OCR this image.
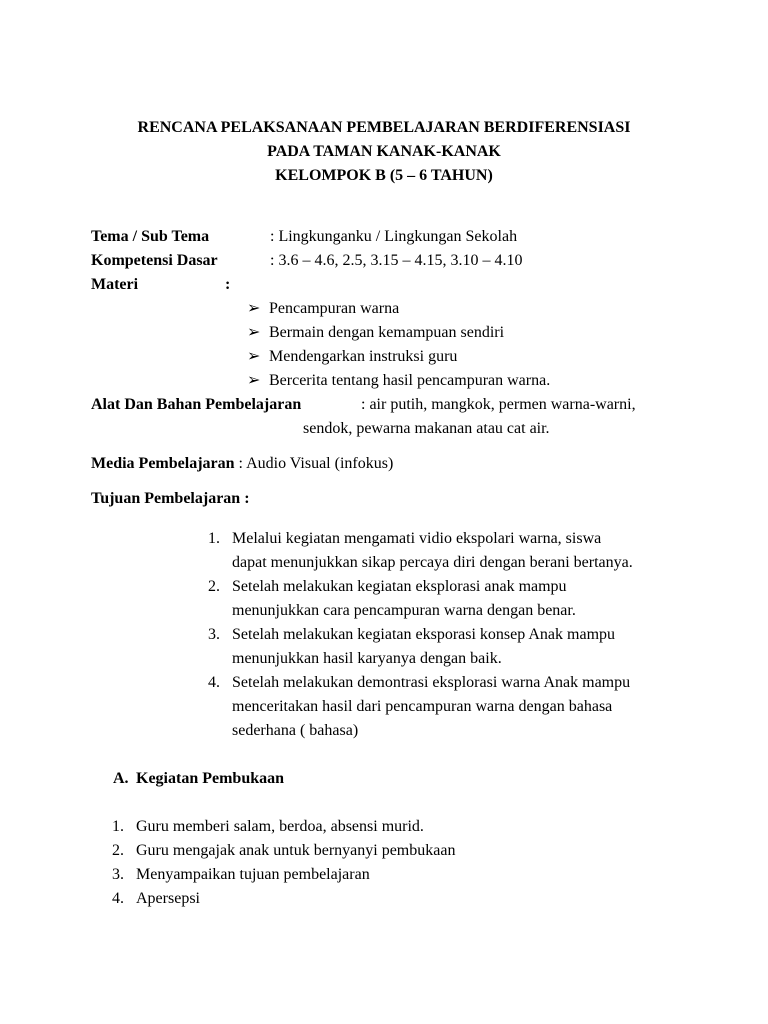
RENCANA PELAKSANAAN PEMBELAJARAN BERDIFERENSIASI
PADA TAMAN KANAK-KANAK
KELOMPOK B (5 – 6 TAHUN)
Tema / Sub Tema	: Lingkunganku / Lingkungan Sekolah
Kompetensi Dasar	: 3.6 – 4.6, 2.5, 3.15 – 4.15, 3.10 – 4.10
Materi	:
➢ Pencampuran warna
➢ Bermain dengan kemampuan sendiri
➢ Mendengarkan instruksi guru
➢ Bercerita tentang hasil pencampuran warna.
Alat Dan Bahan Pembelajaran	: air putih, mangkok, permen warna-warni,
sendok, pewarna makanan atau cat air.
Media Pembelajaran : Audio Visual (infokus)
Tujuan Pembelajaran :
1. Melalui kegiatan mengamati vidio ekspolari warna, siswa
dapat menunjukkan sikap percaya diri dengan berani bertanya.
2. Setelah melakukan kegiatan eksplorasi anak mampu
menunjukkan cara pencampuran warna dengan benar.
3. Setelah melakukan kegiatan eksporasi konsep Anak mampu
menunjukkan hasil karyanya dengan baik.
4. Setelah melakukan demontrasi eksplorasi warna Anak mampu
menceritakan hasil dari pencampuran warna dengan bahasa
sederhana ( bahasa)
A. Kegiatan Pembukaan
1. Guru memberi salam, berdoa, absensi murid.
2. Guru mengajak anak untuk bernyanyi pembukaan
3. Menyampaikan tujuan pembelajaran
4. Apersepsi
